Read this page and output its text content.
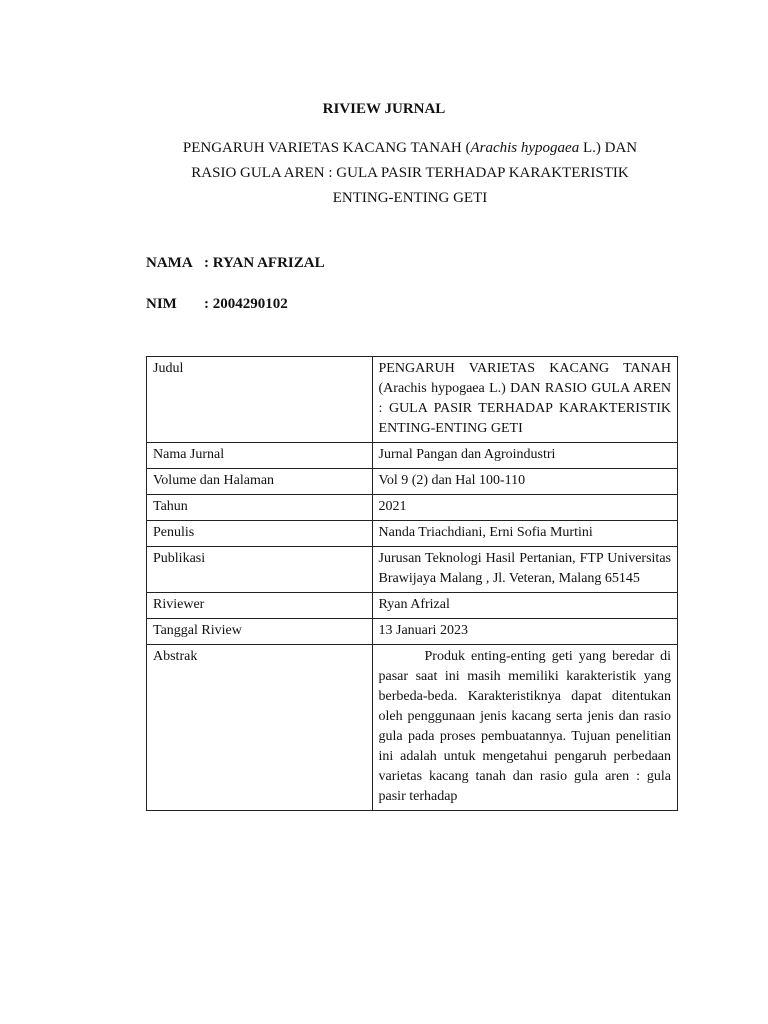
RIVIEW JURNAL
PENGARUH VARIETAS KACANG TANAH (Arachis hypogaea L.) DAN
RASIO GULA AREN : GULA PASIR TERHADAP KARAKTERISTIK
ENTING-ENTING GETI
NAMA : RYAN AFRIZAL
NIM : 2004290102
Judul	PENGARUH VARIETAS KACANG TANAH (Arachis hypogaea L.) DAN RASIO GULA AREN : GULA PASIR TERHADAP KARAKTERISTIK ENTING-ENTING GETI
Nama Jurnal	Jurnal Pangan dan Agroindustri
Volume dan Halaman	Vol 9 (2) dan Hal 100-110
Tahun	2021
Penulis	Nanda Triachdiani, Erni Sofia Murtini
Publikasi	Jurusan Teknologi Hasil Pertanian, FTP Universitas Brawijaya Malang , Jl. Veteran, Malang 65145
Riviewer	Ryan Afrizal
Tanggal Riview	13 Januari 2023
Abstrak	Produk enting-enting geti yang beredar di pasar saat ini masih memiliki karakteristik yang berbeda-beda. Karakteristiknya dapat ditentukan oleh penggunaan jenis kacang serta jenis dan rasio gula pada proses pembuatannya. Tujuan penelitian ini adalah untuk mengetahui pengaruh perbedaan varietas kacang tanah dan rasio gula aren : gula pasir terhadap
